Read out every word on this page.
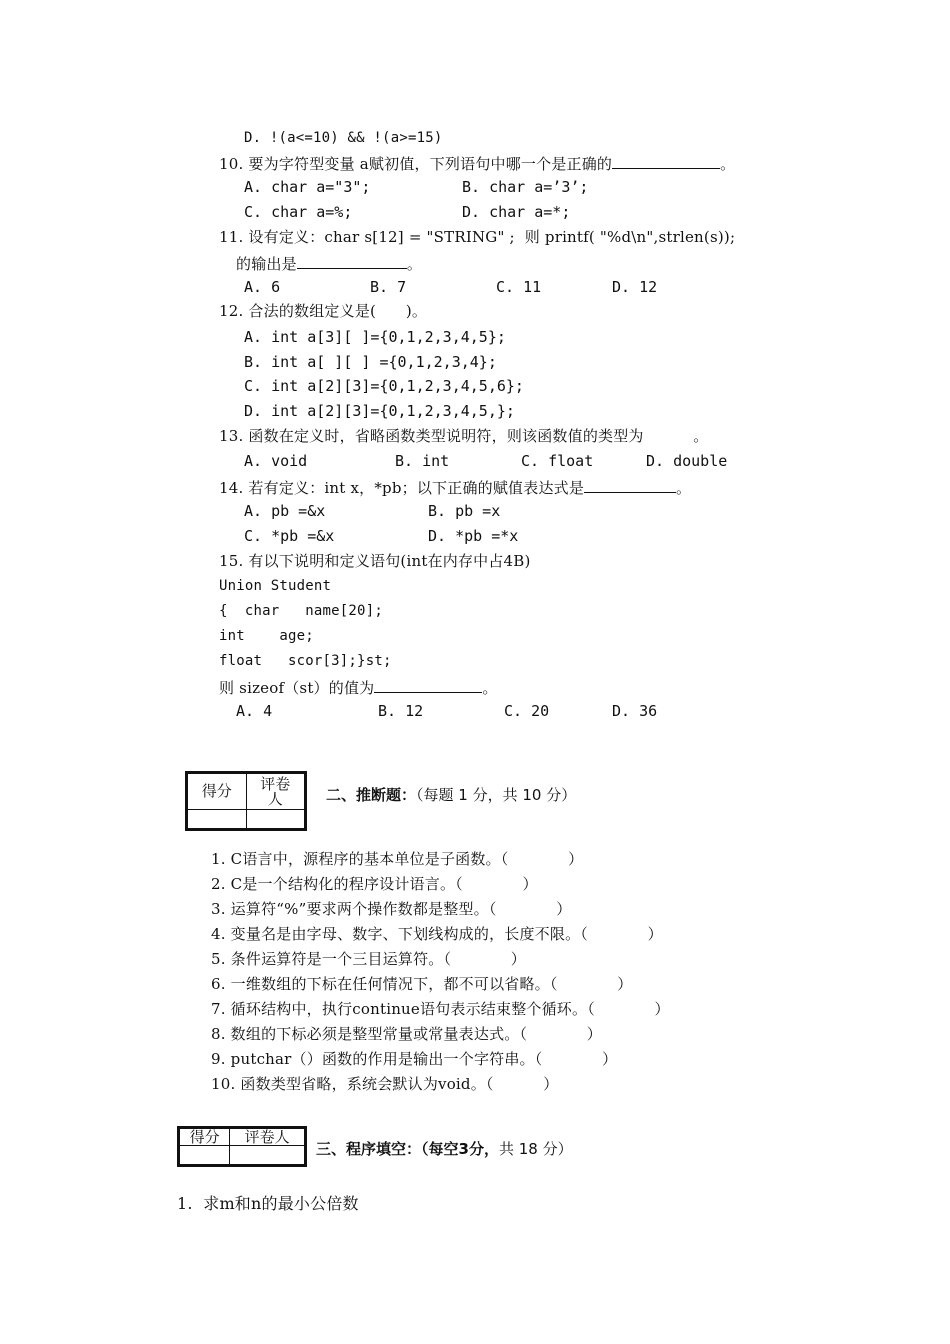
D. !(a<=10) && !(a>=15)
10. 要为字符型变量 a赋初值，下列语句中哪一个是正确的	。
A. char a="3";	B. char a=’3’;
C. char a=%;	D. char a=*;
11. 设有定义：char s[12] = "STRING" ;  则 printf( "%d\n",strlen(s));
的输出是	。
A. 6	B. 7	C. 11	D. 12
12. 合法的数组定义是(      )。
A. int a[3][ ]={0,1,2,3,4,5};
B. int a[ ][ ] ={0,1,2,3,4};
C. int a[2][3]={0,1,2,3,4,5,6};
D. int a[2][3]={0,1,2,3,4,5,};
13. 函数在定义时，省略函数类型说明符，则该函数值的类型为          。
A. void	B. int	C. float	D. double
14. 若有定义：int x，*pb；以下正确的赋值表达式是	。
A. pb =&x	B. pb =x
C. *pb =&x	D. *pb =*x
15. 有以下说明和定义语句(int在内存中占4B)
Union Student
{  char   name[20];
int    age;
float   scor[3];}st;
则 sizeof（st）的值为	。
A. 4	B. 12	C. 20	D. 36
得分	评卷
人
		二、推断题：（每题 1 分，共 10 分）
1. C语言中，源程序的基本单位是子函数。（            ）
2. C是一个结构化的程序设计语言。（            ）
3. 运算符“%”要求两个操作数都是整型。（            ）
4. 变量名是由字母、数字、下划线构成的，长度不限。（            ）
5. 条件运算符是一个三目运算符。（            ）
6. 一维数组的下标在任何情况下，都不可以省略。（            ）
7. 循环结构中，执行continue语句表示结束整个循环。（            ）
8. 数组的下标必须是整型常量或常量表达式。（            ）
9. putchar（）函数的作用是输出一个字符串。（            ）
10. 函数类型省略，系统会默认为void。（          ）
得分	评卷人

三、程序填空：（每空3分，共 18 分）
1.  求m和n的最小公倍数
